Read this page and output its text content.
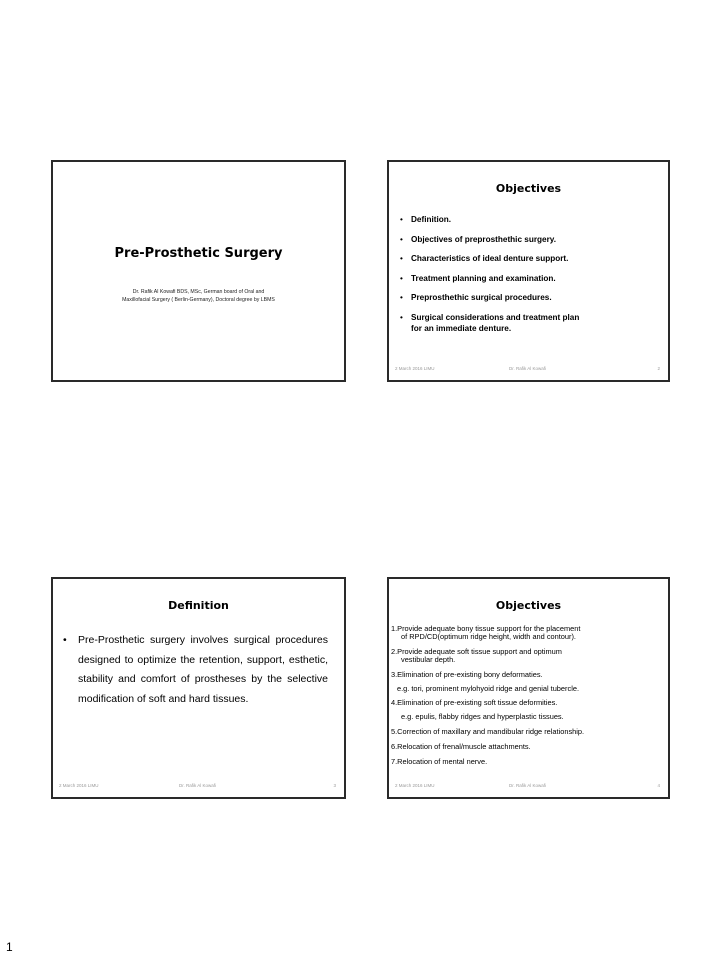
Pre-Prosthetic Surgery
Dr. Rafik Al Kowafi BDS, MSc, German board of Oral and
Maxillofacial Surgery ( Berlin-Germany), Doctoral degree by LBMS
Objectives
• Definition.
• Objectives of preprosthethic surgery.
• Characteristics of ideal denture support.
• Treatment planning and examination.
• Preprosthethic surgical procedures.
• Surgical considerations and treatment plan
for an immediate denture.
2 March 2016 LIMU	Dr. Rafik Al Kowafi	2
Definition
• Pre-Prosthetic surgery involves surgical procedures designed to optimize the retention, support, esthetic, stability and comfort of prostheses by the selective modification of soft and hard tissues.
2 March 2016 LIMU	Dr. Rafik Al Kowafi	3
Objectives
1.Provide adequate bony tissue support for the placement
of RPD/CD(optimum ridge height, width and contour).
2.Provide adequate soft tissue support and optimum
vestibular depth.
3.Elimination of pre-existing bony deformaties.
e.g. tori, prominent mylohyoid ridge and genial tubercle.
4.Elimination of pre-existing soft tissue deformities.
e.g. epulis, flabby ridges and hyperplastic tissues.
5.Correction of maxillary and mandibular ridge relationship.
6.Relocation of frenal/muscle attachments.
7.Relocation of mental nerve.
2 March 2016 LIMU	Dr. Rafik Al Kowafi	4
1
